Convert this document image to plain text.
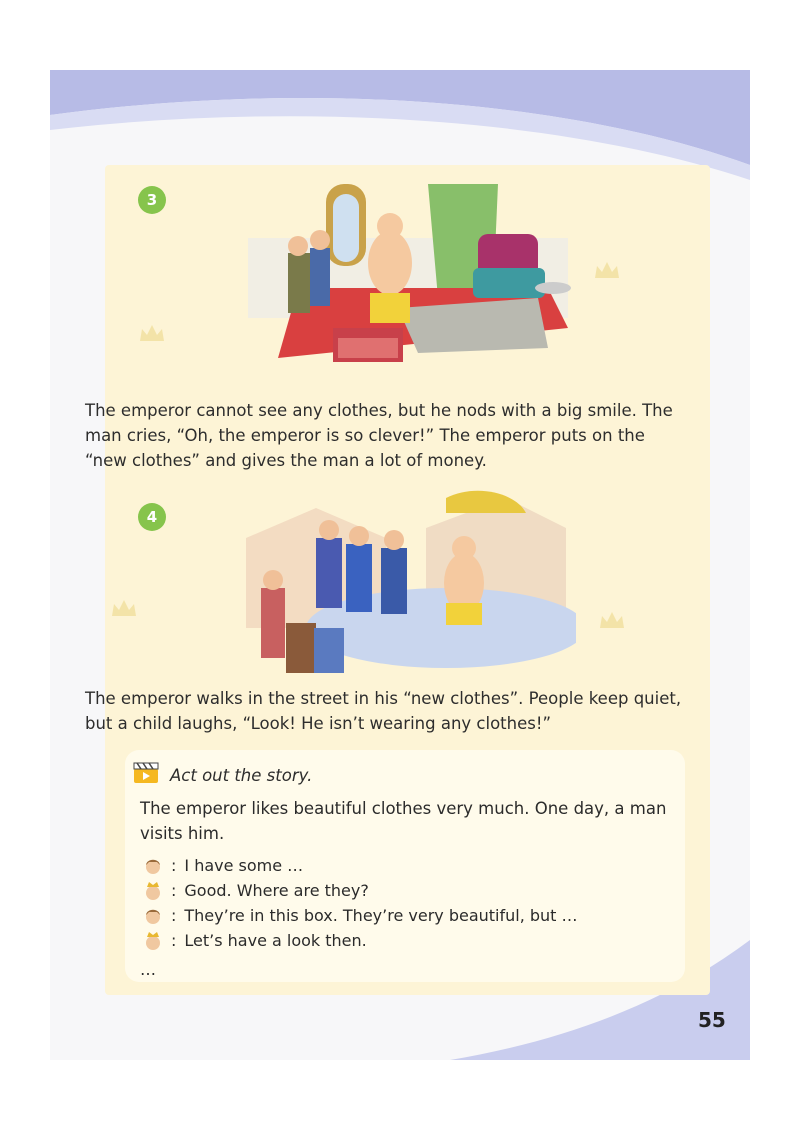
3
The emperor cannot see any clothes, but he nods with a big smile. The man cries, “Oh, the emperor is so clever!” The emperor puts on the “new clothes” and gives the man a lot of money.
4
The emperor walks in the street in his “new clothes”. People keep quiet, but a child laughs, “Look! He isn’t wearing any clothes!”
Act out the story.
The emperor likes beautiful clothes very much. One day, a man visits him.
: I have some …
: Good. Where are they?
: They’re in this box. They’re very beautiful, but …
: Let’s have a look then.
…
55
